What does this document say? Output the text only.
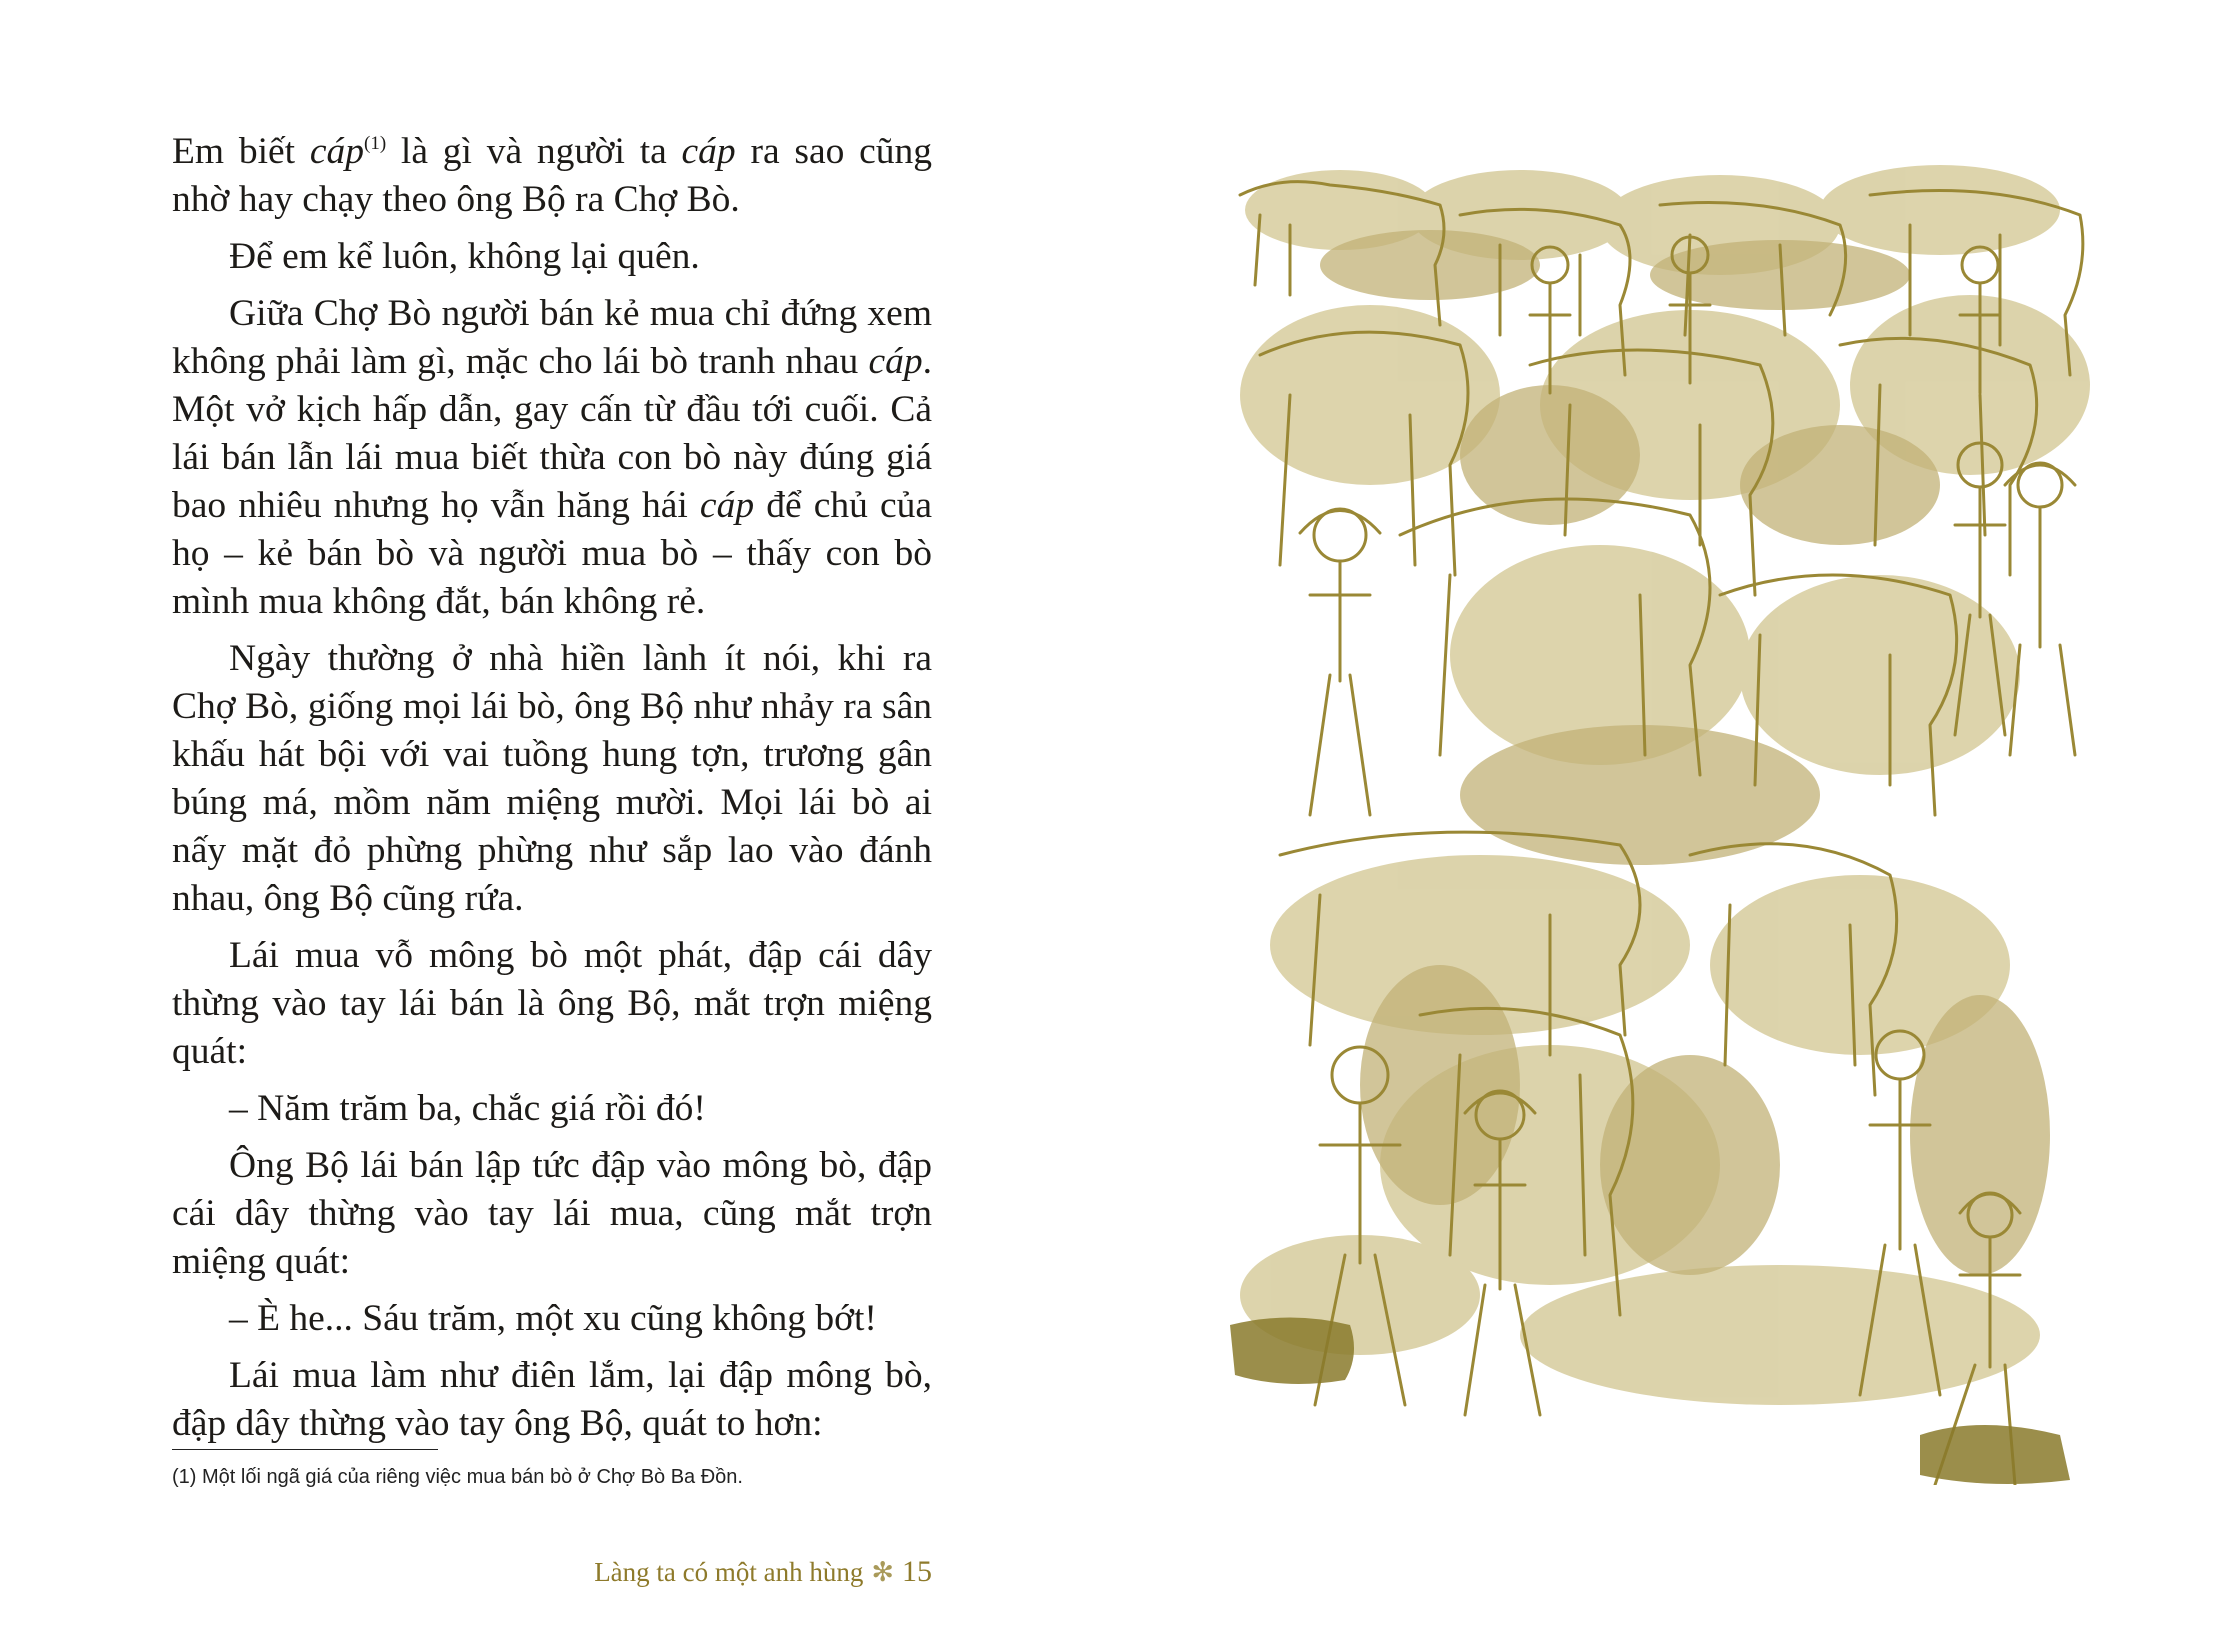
Em biết cáp$^{(1)}$ là gì và người ta cáp ra sao cũng nhờ hay chạy theo ông Bộ ra Chợ Bò.

Để em kể luôn, không lại quên.

Giữa Chợ Bò người bán kẻ mua chỉ đứng xem không phải làm gì, mặc cho lái bò tranh nhau cáp. Một vở kịch hấp dẫn, gay cấn từ đầu tới cuối. Cả lái bán lẫn lái mua biết thừa con bò này đúng giá bao nhiêu nhưng họ vẫn hăng hái cáp để chủ của họ – kẻ bán bò và người mua bò – thấy con bò mình mua không đắt, bán không rẻ.

Ngày thường ở nhà hiền lành ít nói, khi ra Chợ Bò, giống mọi lái bò, ông Bộ như nhảy ra sân khấu hát bội với vai tuồng hung tợn, trương gân búng má, mồm năm miệng mười. Mọi lái bò ai nấy mặt đỏ phừng phừng như sắp lao vào đánh nhau, ông Bộ cũng rứa.

Lái mua vỗ mông bò một phát, đập cái dây thừng vào tay lái bán là ông Bộ, mắt trợn miệng quát:

– Năm trăm ba, chắc giá rồi đó!

Ông Bộ lái bán lập tức đập vào mông bò, đập cái dây thừng vào tay lái mua, cũng mắt trợn miệng quát:

– È he... Sáu trăm, một xu cũng không bớt!

Lái mua làm như điên lắm, lại đập mông bò, đập dây thừng vào tay ông Bộ, quát to hơn:

(1) Một lối ngã giá của riêng việc mua bán bò ở Chợ Bò Ba Đồn.
Làng ta có một anh hùng ✻ 15
